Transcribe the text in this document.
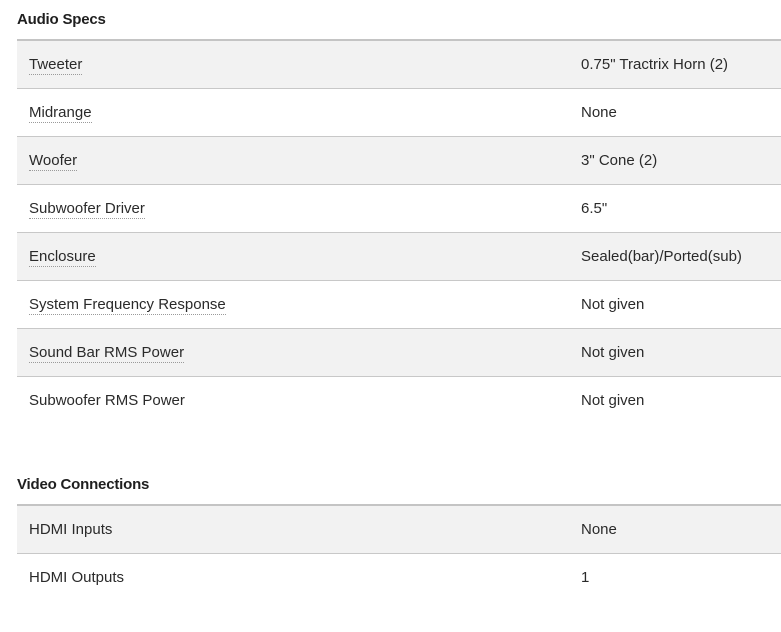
Audio Specs
Tweeter	0.75" Tractrix Horn (2)
Midrange	None
Woofer	3" Cone (2)
Subwoofer Driver	6.5"
Enclosure	Sealed(bar)/Ported(sub)
System Frequency Response	Not given
Sound Bar RMS Power	Not given
Subwoofer RMS Power	Not given
Video Connections
HDMI Inputs	None
HDMI Outputs	1
